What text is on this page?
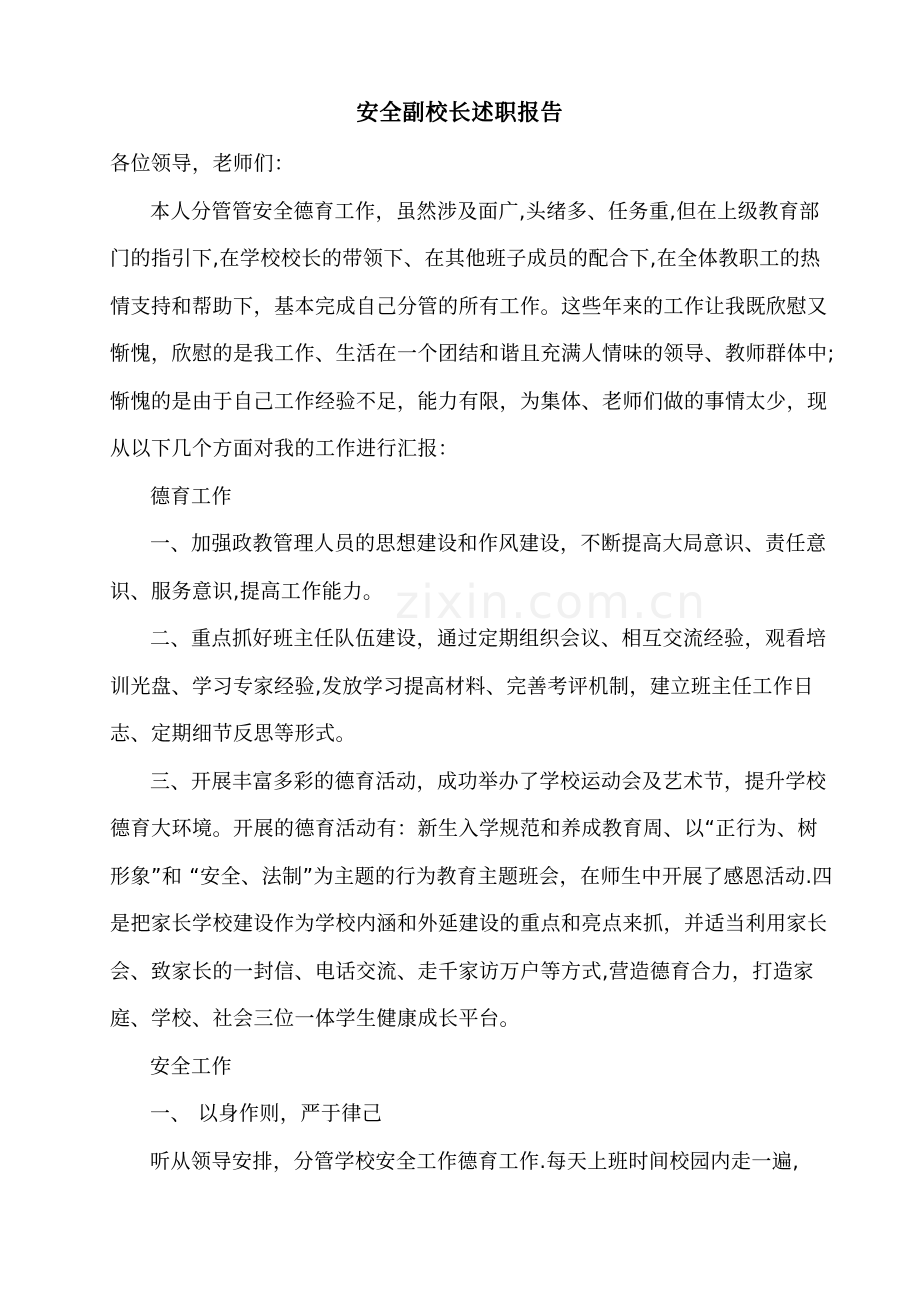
zixin.com.cn
安全副校长述职报告

各位领导，老师们：

本人分管管安全德育工作，虽然涉及面广,头绪多、任务重,但在上级教育部门的指引下,在学校校长的带领下、在其他班子成员的配合下,在全体教职工的热情支持和帮助下，基本完成自己分管的所有工作。这些年来的工作让我既欣慰又惭愧，欣慰的是我工作、生活在一个团结和谐且充满人情味的领导、教师群体中;惭愧的是由于自己工作经验不足，能力有限，为集体、老师们做的事情太少，现从以下几个方面对我的工作进行汇报：

德育工作

一、加强政教管理人员的思想建设和作风建设，不断提高大局意识、责任意识、服务意识,提高工作能力。

二、重点抓好班主任队伍建设，通过定期组织会议、相互交流经验，观看培训光盘、学习专家经验,发放学习提高材料、完善考评机制，建立班主任工作日志、定期细节反思等形式。

三、开展丰富多彩的德育活动，成功举办了学校运动会及艺术节，提升学校德育大环境。开展的德育活动有：新生入学规范和养成教育周、以“正行为、树形象”和 “安全、法制”为主题的行为教育主题班会，在师生中开展了感恩活动.四是把家长学校建设作为学校内涵和外延建设的重点和亮点来抓，并适当利用家长会、致家长的一封信、电话交流、走千家访万户等方式,营造德育合力，打造家庭、学校、社会三位一体学生健康成长平台。

安全工作

一、 以身作则，严于律己

听从领导安排，分管学校安全工作德育工作.每天上班时间校园内走一遍,
